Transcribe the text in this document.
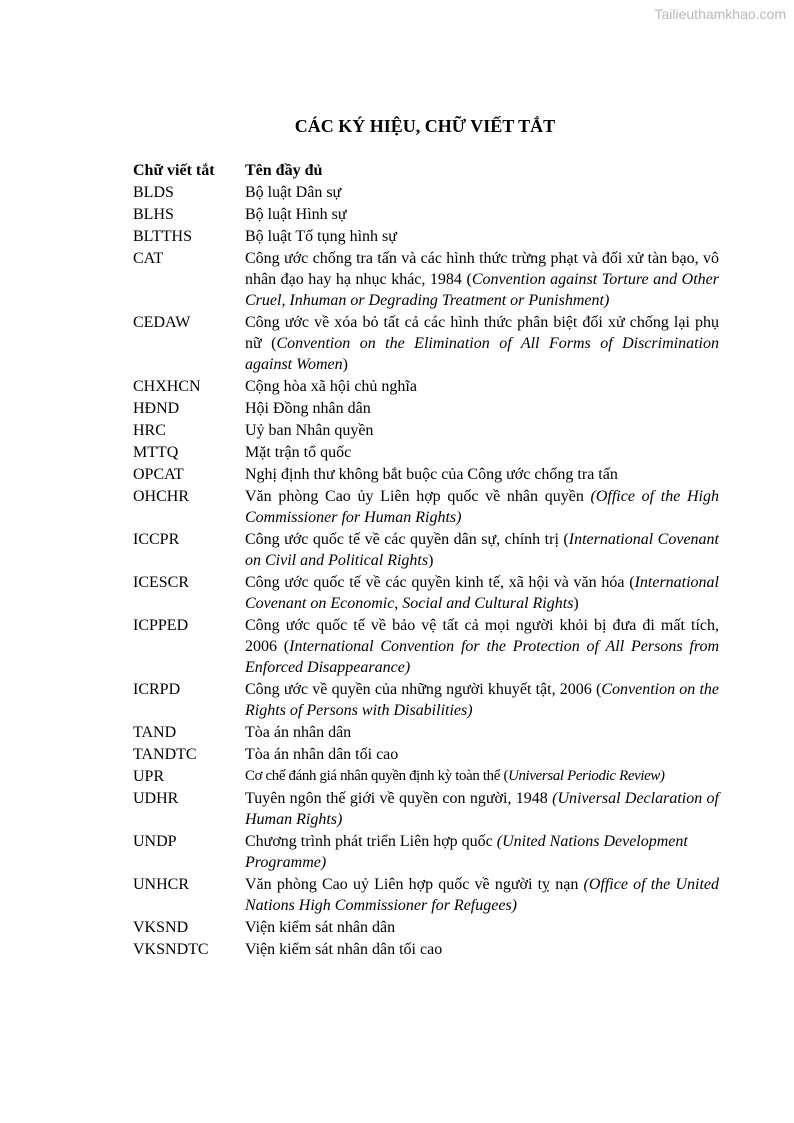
Tailieuthamkhao.com
CÁC KÝ HIỆU, CHỮ VIẾT TẮT
Chữ viết tắt	Tên đầy đủ
BLDS	Bộ luật Dân sự
BLHS	Bộ luật Hình sự
BLTTHS	Bộ luật Tố tụng hình sự
CAT	Công ước chống tra tấn và các hình thức trừng phạt và đối xử tàn bạo, vô nhân đạo hay hạ nhục khác, 1984 (Convention against Torture and Other Cruel, Inhuman or Degrading Treatment or Punishment)
CEDAW	Công ước về xóa bỏ tất cả các hình thức phân biệt đối xử chống lại phụ nữ (Convention on the Elimination of All Forms of Discrimination against Women)
CHXHCN	Cộng hòa xã hội chủ nghĩa
HĐND	Hội Đồng nhân dân
HRC	Uỷ ban Nhân quyền
MTTQ	Mặt trận tổ quốc
OPCAT	Nghị định thư không bắt buộc của Công ước chống tra tấn
OHCHR	Văn phòng Cao ủy Liên hợp quốc về nhân quyền (Office of the High Commissioner for Human Rights)
ICCPR	Công ước quốc tế về các quyền dân sự, chính trị (International Covenant on Civil and Political Rights)
ICESCR	Công ước quốc tế về các quyền kinh tế, xã hội và văn hóa (International Covenant on Economic, Social and Cultural Rights)
ICPPED	Công ước quốc tế về bảo vệ tất cả mọi người khỏi bị đưa đi mất tích, 2006 (International Convention for the Protection of All Persons from Enforced Disappearance)
ICRPD	Công ước về quyền của những người khuyết tật, 2006 (Convention on the Rights of Persons with Disabilities)
TAND	Tòa án nhân dân
TANDTC	Tòa án nhân dân tối cao
UPR	Cơ chế đánh giá nhân quyền định kỳ toàn thể (Universal Periodic Review)
UDHR	Tuyên ngôn thế giới về quyền con người, 1948 (Universal Declaration of Human Rights)
UNDP	Chương trình phát triển Liên hợp quốc (United Nations Development Programme)
UNHCR	Văn phòng Cao uỷ Liên hợp quốc về người tỵ nạn (Office of the United Nations High Commissioner for Refugees)
VKSND	Viện kiểm sát nhân dân
VKSNDTC	Viện kiểm sát nhân dân tối cao
